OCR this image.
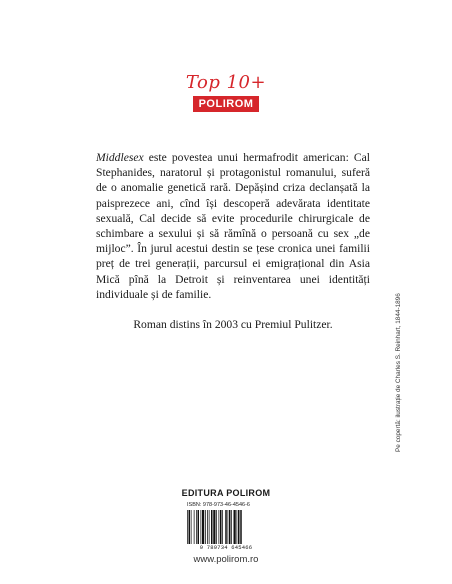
Top 10+
POLIROM

Middlesex este povestea unui hermafrodit american: Cal Stephanides, naratorul și protagonistul romanului, suferă de o anomalie genetică rară. Depășind criza declanșată la paisprezece ani, cînd își descoperă adevărata identitate sexuală, Cal decide să evite procedurile chirurgicale de schimbare a sexului și să rămînă o persoană cu sex „de mijloc”. În jurul acestui destin se țese cronica unei familii preț de trei generații, parcursul ei emigrațional din Asia Mică pînă la Detroit și reinventarea unei identități individuale și de familie.

Roman distins în 2003 cu Premiul Pulitzer.	Pe copertă: ilustrație de Charles S. Reinhart, 1844-1896
EDITURA POLIROM
ISBN: 978-973-46-4546-6
9 789734 645466
www.polirom.ro
